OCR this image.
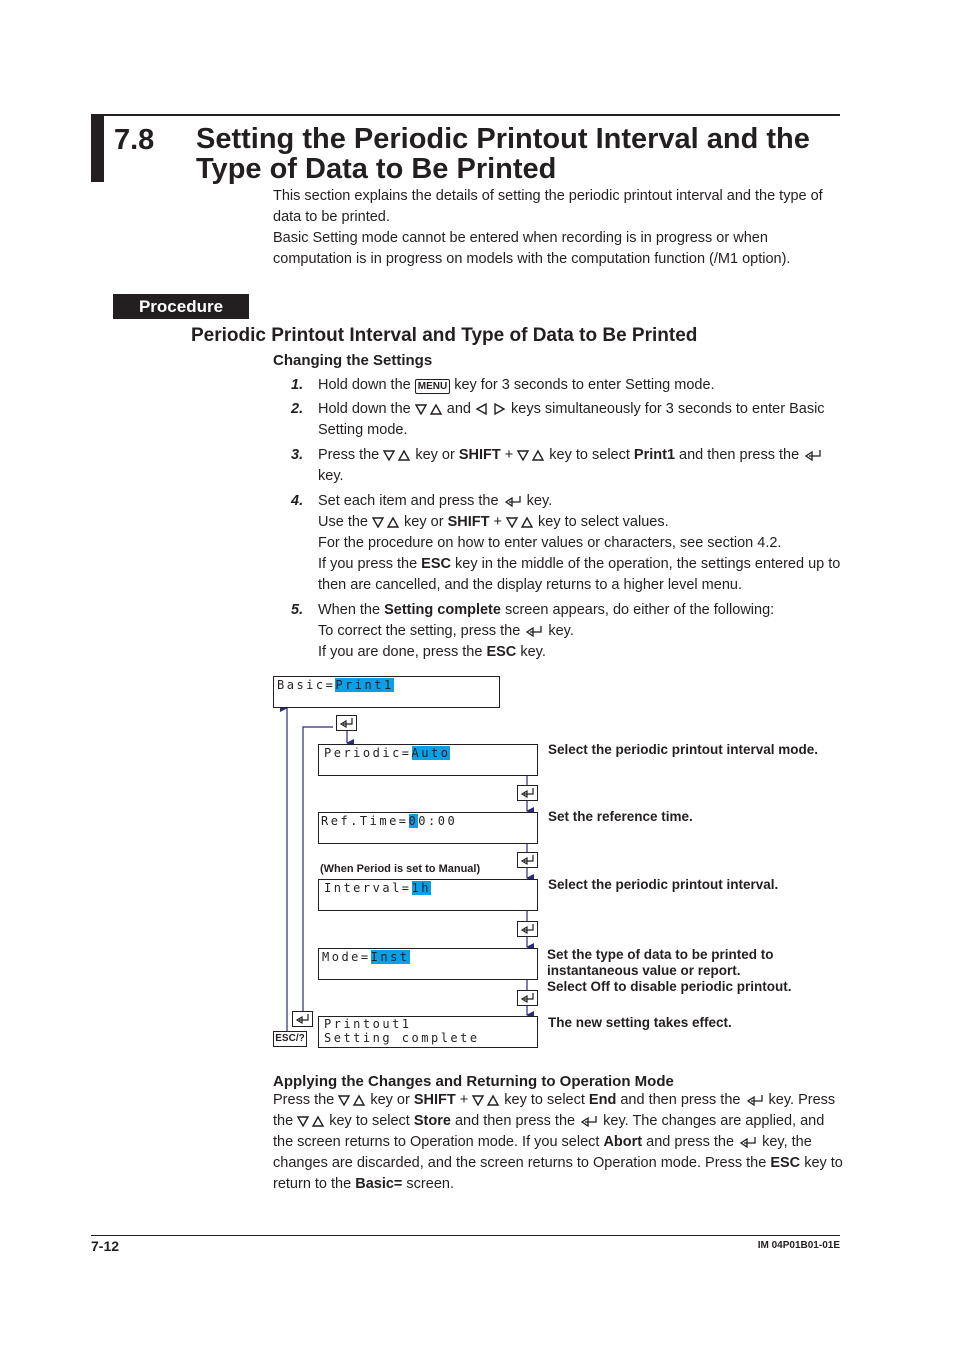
7.8 Setting the Periodic Printout Interval and the
Type of Data to Be Printed
This section explains the details of setting the periodic printout interval and the type of
data to be printed.
Basic Setting mode cannot be entered when recording is in progress or when
computation is in progress on models with the computation function (/M1 option).
Procedure
Periodic Printout Interval and Type of Data to Be Printed
Changing the Settings
1. Hold down the MENU key for 3 seconds to enter Setting mode.
2. Hold down the and	keys simultaneously for 3 seconds to enter Basic
Setting mode.
3. Press the key or SHIFT + key to select Print1 and then press the
key.
4. Set each item and press the key.
Use the key or SHIFT + key to select values.
For the procedure on how to enter values or characters, see section 4.2.
If you press the ESC key in the middle of the operation, the settings entered up to
then are cancelled, and the display returns to a higher level menu.
5. When the Setting complete screen appears, do either of the following:
To correct the setting, press the key.
If you are done, press the ESC key.
ESC/?
Basic=Print1
Periodic=Auto	Select the periodic printout interval mode.
Ref.Time=00:00	Set the reference time.
(When Period is set to Manual)
Interval=1h	Select the periodic printout interval.
Mode=Inst	Set the type of data to be printed to
instantaneous value or report.
Select Off to disable periodic printout.
Printout1
Setting complete
The new setting takes effect.
Applying the Changes and Returning to Operation Mode
Press the key or SHIFT + key to select End and then press the key. Press
the key to select Store and then press the key. The changes are applied, and
the screen returns to Operation mode. If you select Abort and press the key, the
changes are discarded, and the screen returns to Operation mode. Press the ESC key to
return to the Basic= screen.
7-12	IM 04P01B01-01E
